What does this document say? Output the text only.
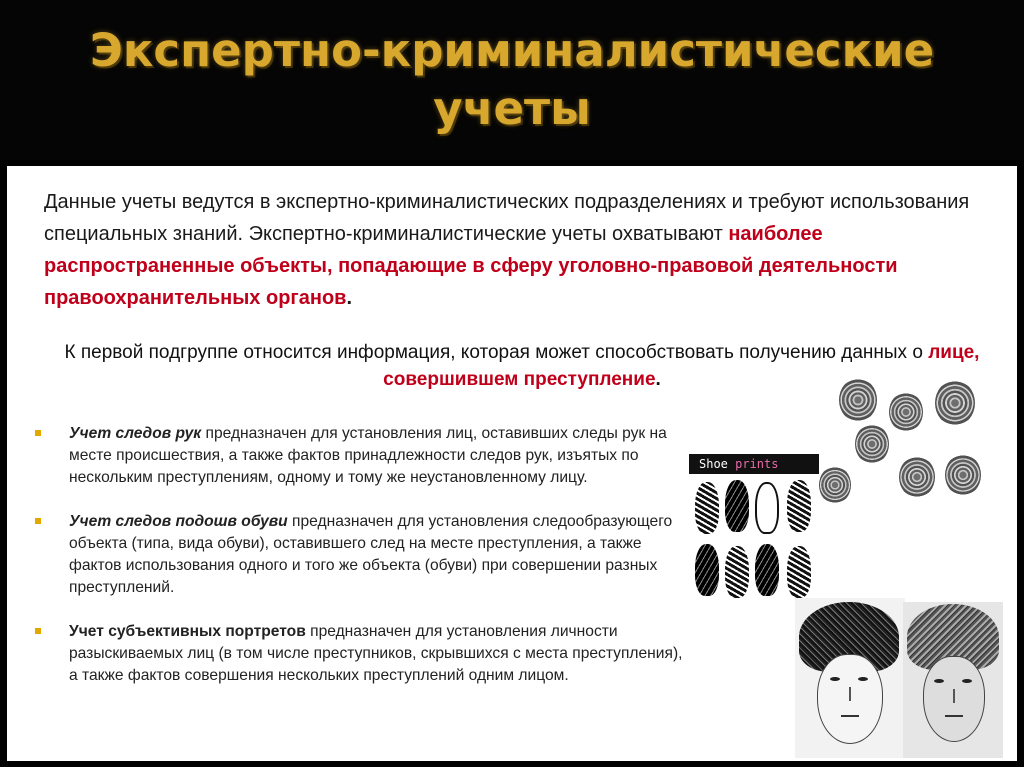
Экспертно-криминалистические учеты

Данные учеты ведутся в экспертно-криминалистических подразделениях и требуют использования специальных знаний. Экспертно-криминалистические учеты охватывают наиболее распространенные объекты, попадающие в сферу уголовно-правовой деятельности правоохранительных органов.

К первой подгруппе относится информация, которая может способствовать получению данных о лице, совершившем преступление.

Учет следов рук предназначен для установления лиц, оставивших следы рук на месте происшествия, а также фактов принадлежности следов рук, изъятых по нескольким преступлениям, одному и тому же неустановленному лицу.
Учет следов подошв обуви предназначен для установления следообразующего объекта (типа, вида обуви), оставившего след на месте преступления, а также фактов использования одного и того же объекта (обуви) при совершении разных преступлений.
Учет субъективных портретов предназначен для установления личности разыскиваемых лиц (в том числе преступников, скрывшихся с места преступления), а также фактов совершения нескольких преступлений одним лицом.
Shoe prints
